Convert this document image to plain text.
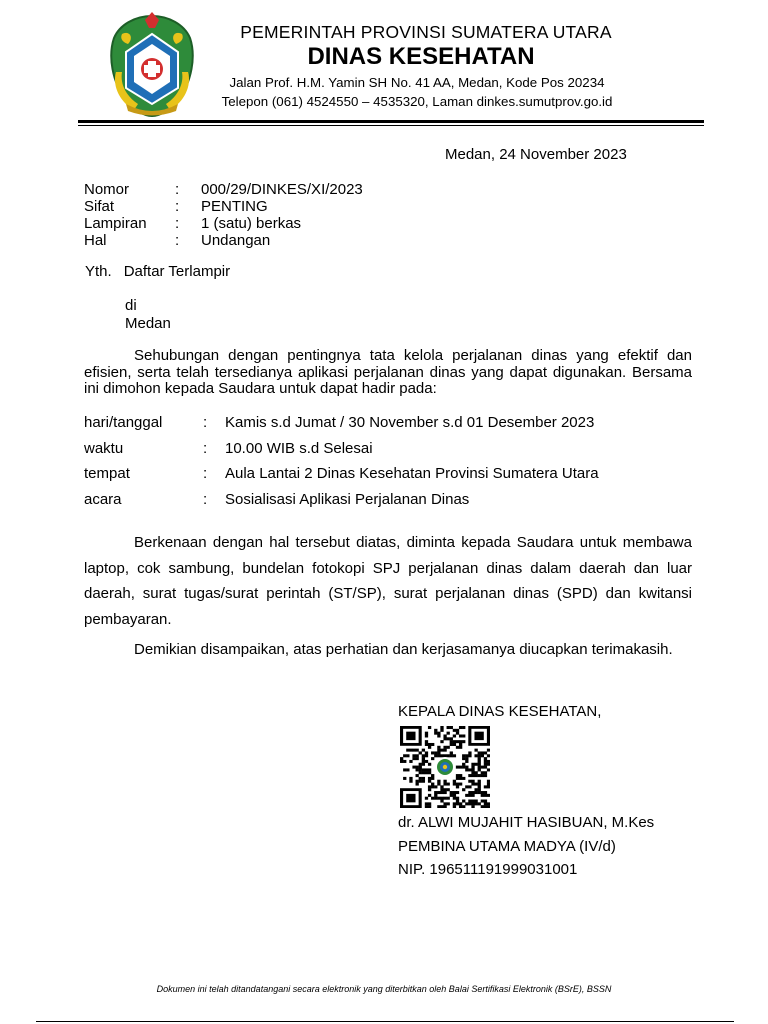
PEMERINTAH PROVINSI SUMATERA UTARA
DINAS KESEHATAN
Jalan Prof. H.M. Yamin SH No. 41 AA, Medan, Kode Pos 20234
Telepon (061) 4524550 – 4535320, Laman dinkes.sumutprov.go.id
Medan, 24 November 2023
Nomor	:	000/29/DINKES/XI/2023
Sifat	:	PENTING
Lampiran	:	1 (satu) berkas
Hal	:	Undangan
Yth. Daftar Terlampir
di
Medan

Sehubungan dengan pentingnya tata kelola perjalanan dinas yang efektif dan efisien, serta telah tersedianya aplikasi perjalanan dinas yang dapat digunakan. Bersama ini dimohon kepada Saudara untuk dapat hadir pada:

hari/tanggal	: Kamis s.d Jumat / 30 November s.d 01 Desember 2023
waktu	: 10.00 WIB s.d Selesai
tempat	: Aula Lantai 2 Dinas Kesehatan Provinsi Sumatera Utara
acara	: Sosialisasi Aplikasi Perjalanan Dinas

Berkenaan dengan hal tersebut diatas, diminta kepada Saudara untuk membawa laptop, cok sambung, bundelan fotokopi SPJ perjalanan dinas dalam daerah dan luar daerah, surat tugas/surat perintah (ST/SP), surat perjalanan dinas (SPD) dan kwitansi pembayaran.

Demikian disampaikan, atas perhatian dan kerjasamanya diucapkan terimakasih.
KEPALA DINAS KESEHATAN,
dr. ALWI MUJAHIT HASIBUAN, M.Kes
PEMBINA UTAMA MADYA (IV/d)
NIP. 196511191999031001
Dokumen ini telah ditandatangani secara elektronik yang diterbitkan oleh Balai Sertifikasi Elektronik (BSrE), BSSN
